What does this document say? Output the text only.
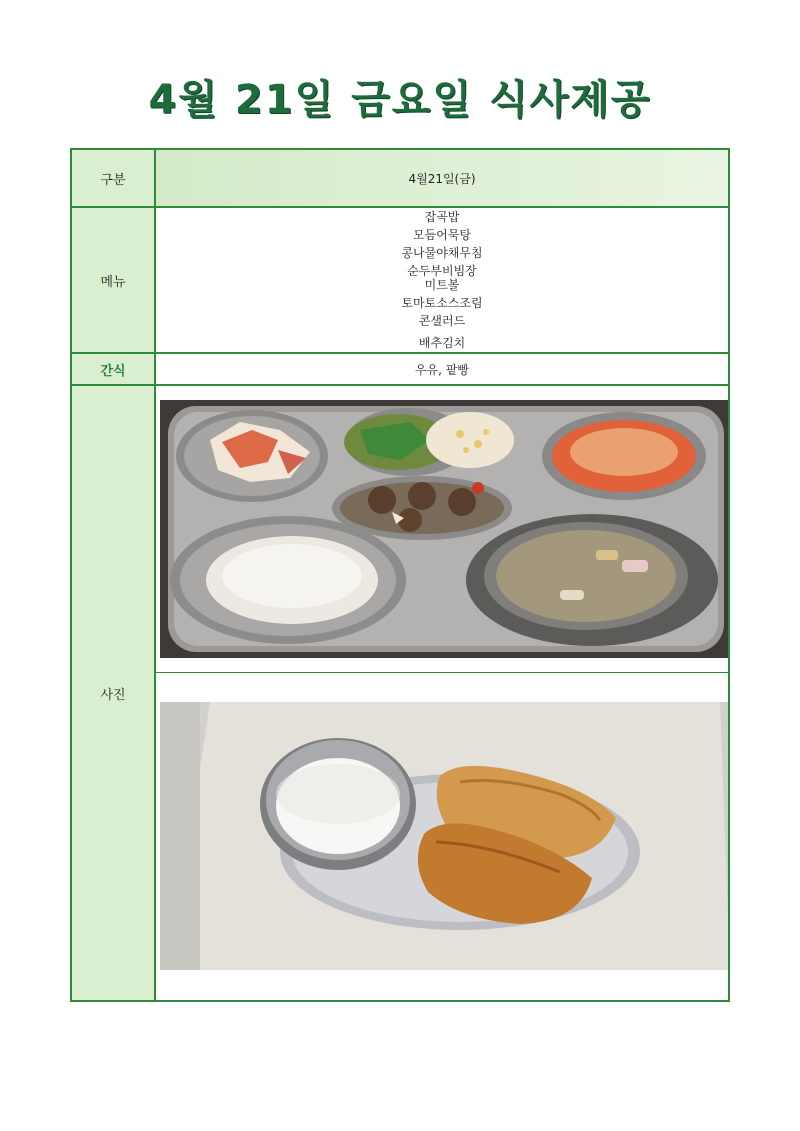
4월 21일 금요일 식사제공
구분	4월21일(금)
메뉴
잡곡밥
모듬어묵탕
콩나물야채무침
순두부비빔장
미트볼
토마토소스조림
콘샐러드
배추김치
간식	우유, 팥빵
사진
